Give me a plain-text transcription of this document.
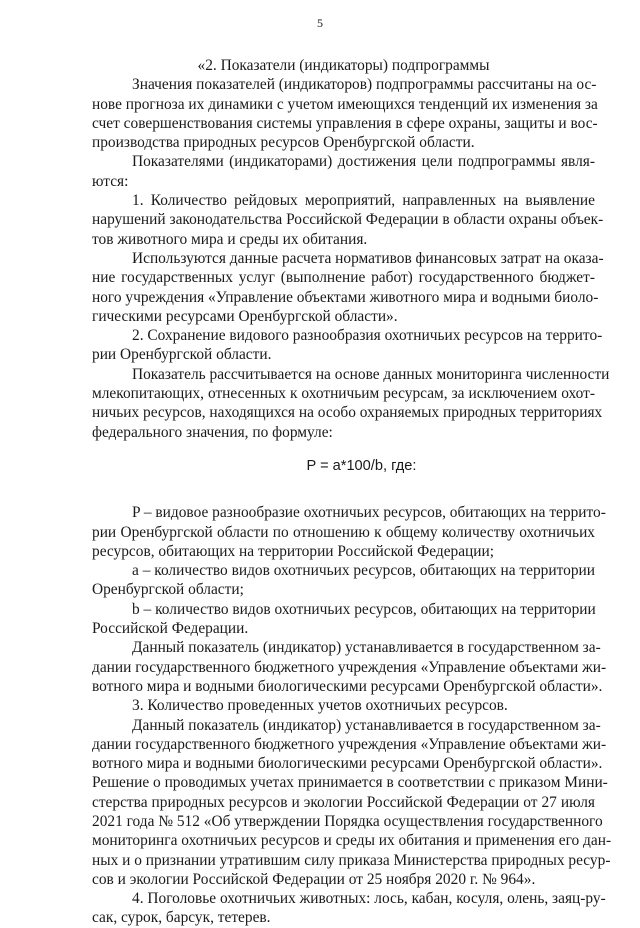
5
«2. Показатели (индикаторы) подпрограммы
Значения показателей (индикаторов) подпрограммы рассчитаны на ос-
нове прогноза их динамики с учетом имеющихся тенденций их изменения за
счет совершенствования системы управления в сфере охраны, защиты и вос-
производства природных ресурсов Оренбургской области.
Показателями (индикаторами) достижения цели подпрограммы явля-
ются:
1. Количество рейдовых мероприятий, направленных на выявление
нарушений законодательства Российской Федерации в области охраны объек-
тов животного мира и среды их обитания.
Используются данные расчета нормативов финансовых затрат на оказа-
ние государственных услуг (выполнение работ) государственного бюджет-
ного учреждения «Управление объектами животного мира и водными биоло-
гическими ресурсами Оренбургской области».
2. Сохранение видового разнообразия охотничьих ресурсов на террито-
рии Оренбургской области.
Показатель рассчитывается на основе данных мониторинга численности
млекопитающих, отнесенных к охотничьим ресурсам, за исключением охот-
ничьих ресурсов, находящихся на особо охраняемых природных территориях
федерального значения, по формуле:
P = a*100/b, где:
P – видовое разнообразие охотничьих ресурсов, обитающих на террито-
рии Оренбургской области по отношению к общему количеству охотничьих
ресурсов, обитающих на территории Российской Федерации;
a – количество видов охотничьих ресурсов, обитающих на территории
Оренбургской области;
b – количество видов охотничьих ресурсов, обитающих на территории
Российской Федерации.
Данный показатель (индикатор) устанавливается в государственном за-
дании государственного бюджетного учреждения «Управление объектами жи-
вотного мира и водными биологическими ресурсами Оренбургской области».
3. Количество проведенных учетов охотничьих ресурсов.
Данный показатель (индикатор) устанавливается в государственном за-
дании государственного бюджетного учреждения «Управление объектами жи-
вотного мира и водными биологическими ресурсами Оренбургской области».
Решение о проводимых учетах принимается в соответствии с приказом Мини-
стерства природных ресурсов и экологии Российской Федерации от 27 июля
2021 года № 512 «Об утверждении Порядка осуществления государственного
мониторинга охотничьих ресурсов и среды их обитания и применения его дан-
ных и о признании утратившим силу приказа Министерства природных ресур-
сов и экологии Российской Федерации от 25 ноября 2020 г. № 964».
4. Поголовье охотничьих животных: лось, кабан, косуля, олень, заяц-ру-
сак, сурок, барсук, тетерев.
